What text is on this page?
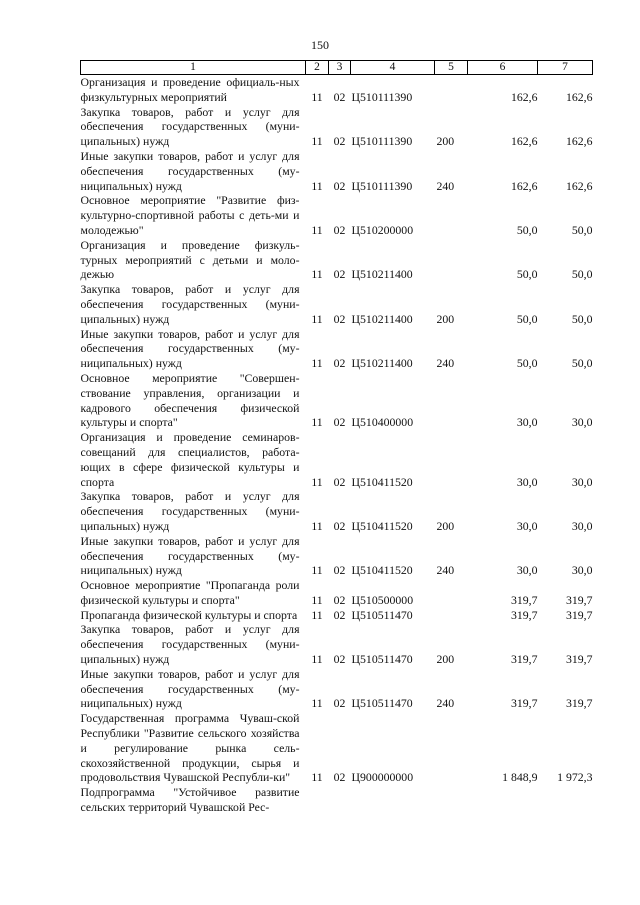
150
1	2	3	4	5	6	7
Организация и проведение официаль-ных физкультурных мероприятий	11	02	Ц510111390		162,6	162,6
Закупка товаров, работ и услуг для обеспечения государственных (муни-ципальных) нужд	11	02	Ц510111390	200	162,6	162,6
Иные закупки товаров, работ и услуг для обеспечения государственных (му-ниципальных) нужд	11	02	Ц510111390	240	162,6	162,6
Основное мероприятие "Развитие физ-культурно-спортивной работы с деть-ми и молодежью"	11	02	Ц510200000		50,0	50,0
Организация и проведение физкуль-турных мероприятий с детьми и моло-дежью	11	02	Ц510211400		50,0	50,0
Закупка товаров, работ и услуг для обеспечения государственных (муни-ципальных) нужд	11	02	Ц510211400	200	50,0	50,0
Иные закупки товаров, работ и услуг для обеспечения государственных (му-ниципальных) нужд	11	02	Ц510211400	240	50,0	50,0
Основное мероприятие "Совершен-ствование управления, организации и кадрового обеспечения физической культуры и спорта"	11	02	Ц510400000		30,0	30,0
Организация и проведение семинаров-совещаний для специалистов, работа-ющих в сфере физической культуры и спорта	11	02	Ц510411520		30,0	30,0
Закупка товаров, работ и услуг для обеспечения государственных (муни-ципальных) нужд	11	02	Ц510411520	200	30,0	30,0
Иные закупки товаров, работ и услуг для обеспечения государственных (му-ниципальных) нужд	11	02	Ц510411520	240	30,0	30,0
Основное мероприятие "Пропаганда роли физической культуры и спорта"	11	02	Ц510500000		319,7	319,7
Пропаганда физической культуры и спорта	11	02	Ц510511470		319,7	319,7
Закупка товаров, работ и услуг для обеспечения государственных (муни-ципальных) нужд	11	02	Ц510511470	200	319,7	319,7
Иные закупки товаров, работ и услуг для обеспечения государственных (му-ниципальных) нужд	11	02	Ц510511470	240	319,7	319,7
Государственная программа Чуваш-ской Республики "Развитие сельского хозяйства и регулирование рынка сель-скохозяйственной продукции, сырья и продовольствия Чувашской Республи-ки"	11	02	Ц900000000		1 848,9	1 972,3
Подпрограмма "Устойчивое развитие сельских территорий Чувашской Рес-						
